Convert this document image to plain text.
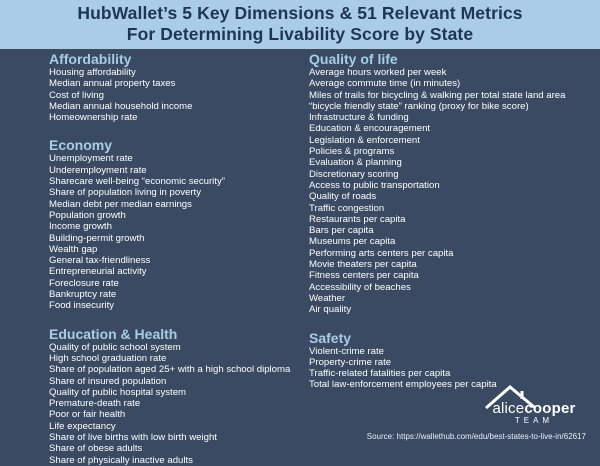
HubWallet’s 5 Key Dimensions & 51 Relevant Metrics
For Determining Livability Score by State
Affordability
Housing affordability
Median annual property taxes
Cost of living
Median annual household income
Homeownership rate
Economy
Unemployment rate
Underemployment rate
Sharecare well-being “economic security”
Share of population living in poverty
Median debt per median earnings
Population growth
Income growth
Building-permit growth
Wealth gap
General tax-friendliness
Entrepreneurial activity
Foreclosure rate
Bankruptcy rate
Food insecurity
Education & Health
Quality of public school system
High school graduation rate
Share of population aged 25+ with a high school diploma
Share of insured population
Quality of public hospital system
Premature-death rate
Poor or fair health
Life expectancy
Share of live births with low birth weight
Share of obese adults
Share of physically inactive adults
Quality of life
Average hours worked per week
Average commute time (in minutes)
Miles of trails for bicycling & walking per total state land area
“bicycle friendly state” ranking (proxy for bike score)
Infrastructure & funding
Education & encouragement
Legislation & enforcement
Policies & programs
Evaluation & planning
Discretionary scoring
Access to public transportation
Quality of roads
Traffic congestion
Restaurants per capita
Bars per capita
Museums per capita
Performing arts centers per capita
Movie theaters per capita
Fitness centers per capita
Accessibility of beaches
Weather
Air quality
Safety
Violent-crime rate
Property-crime rate
Traffic-related fatalities per capita
Total law-enforcement employees per capita
alicecooper
TEAM
Source: https://wallethub.com/edu/best-states-to-live-in/62617
